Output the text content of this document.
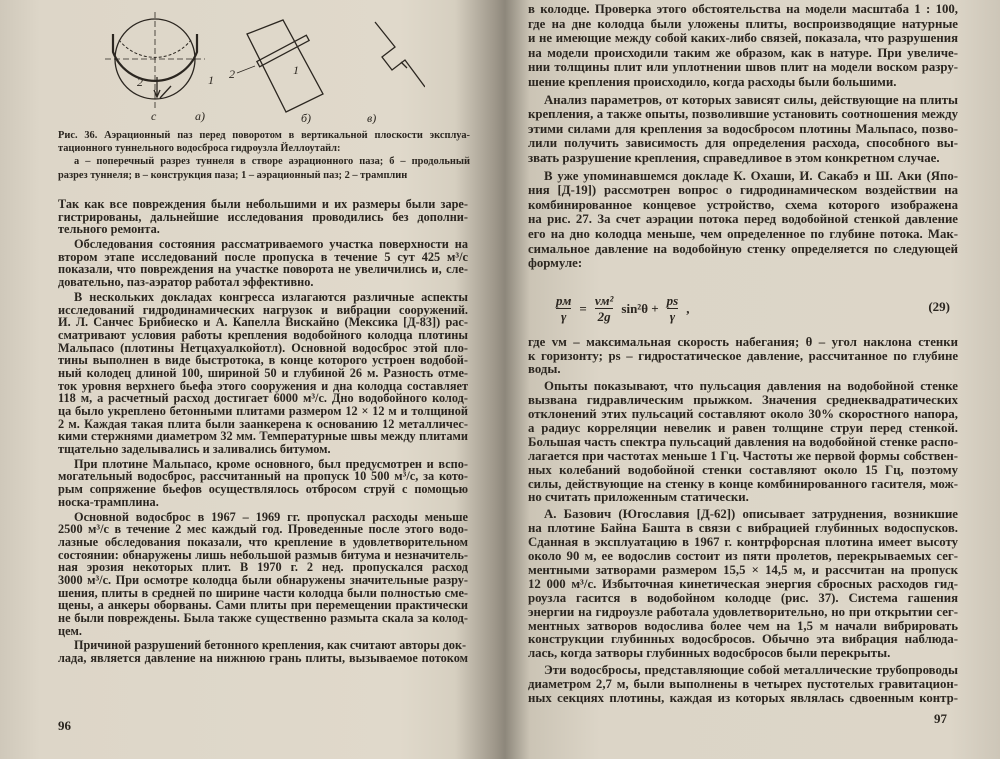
с	а)	б)	в)
2	1 2	1
Рис. 36. Аэрационный паз перед поворотом в вертикальной плоскости эксплуа-
тационного туннельного водосброса гидроузла Йеллоутайл:
а – поперечный разрез туннеля в створе аэрационного паза; б – продольный
разрез туннеля; в – конструкция паза; 1 – аэрационный паз; 2 – трамплин
Так как все повреждения были небольшими и их размеры были заре-
гистрированы, дальнейшие исследования проводились без дополни-
тельного ремонта.
Обследования состояния рассматриваемого участка поверхности на
втором этапе исследований после пропуска в течение 5 сут 425 м³/с
показали, что повреждения на участке поворота не увеличились и, сле-
довательно, паз-аэратор работал эффективно.
В нескольких докладах конгресса излагаются различные аспекты
исследований гидродинамических нагрузок и вибрации сооружений.
И. Л. Санчес Брибиеско и А. Капелла Вискайно (Мексика [Д-83]) рас-
сматривают условия работы крепления водобойного колодца плотины
Мальпасо (плотины Нетцахуалкойотл). Основной водосброс этой пло-
тины выполнен в виде быстротока, в конце которого устроен водобой-
ный колодец длиной 100, шириной 50 и глубиной 26 м. Разность отме-
ток уровня верхнего бьефа этого сооружения и дна колодца составляет
118 м, а расчетный расход достигает 6000 м³/с. Дно водобойного колод-
ца было укреплено бетонными плитами размером 12 × 12 м и толщиной
2 м. Каждая такая плита были заанкерена к основанию 12 металличес-
кими стержнями диаметром 32 мм. Температурные швы между плитами
тщательно заделывались и заливались битумом.
При плотине Мальпасо, кроме основного, был предусмотрен и вспо-
могательный водосброс, рассчитанный на пропуск 10 500 м³/с, за кото-
рым сопряжение бьефов осуществлялось отбросом струй с помощью
носка-трамплина.
Основной водосброс в 1967 – 1969 гг. пропускал расходы меньше
2500 м³/с в течение 2 мес каждый год. Проведенные после этого водо-
лазные обследования показали, что крепление в удовлетворительном
состоянии: обнаружены лишь небольшой размыв битума и незначитель-
ная эрозия некоторых плит. В 1970 г. 2 нед. пропускался расход
3000 м³/с. При осмотре колодца были обнаружены значительные разру-
шения, плиты в средней по ширине части колодца были полностью сме-
щены, а анкеры оборваны. Сами плиты при перемещении практически
не были повреждены. Была также существенно размыта скала за колод-
цем.
Причиной разрушений бетонного крепления, как считают авторы док-
лада, является давление на нижнюю грань плиты, вызываемое потоком
96
в колодце. Проверка этого обстоятельства на модели масштаба 1 : 100,
где на дне колодца были уложены плиты, воспроизводящие натурные
и не имеющие между собой каких-либо связей, показала, что разрушения
на модели происходили таким же образом, как в натуре. При увеличе-
нии толщины плит или уплотнении швов плит на модели воском разру-
шение крепления происходило, когда расходы были большими.
Анализ параметров, от которых зависят силы, действующие на плиты
крепления, а также опыты, позволившие установить соотношения между
этими силами для крепления за водосбросом плотины Мальпасо, позво-
лили получить зависимость для определения расхода, способного вы-
звать разрушение крепления, справедливое в этом конкретном случае.
В уже упоминавшемся докладе К. Охаши, И. Сакабэ и Ш. Аки (Япо-
ния [Д-19]) рассмотрен вопрос о гидродинамическом воздействии на
комбинированное концевое устройство, схема которого изображена
на рис. 27. За счет аэрации потока перед водобойной стенкой давление
его на дно колодца меньше, чем определенное по глубине потока. Мак-
симальное давление на водобойную стенку определяется по следующей
формуле:
pм
γ
= vм²
2g
sin²θ + ps
γ
,	(29)
где vм – максимальная скорость набегания; θ – угол наклона стенки
к горизонту; ps – гидростатическое давление, рассчитанное по глубине
воды.
Опыты показывают, что пульсация давления на водобойной стенке
вызвана гидравлическим прыжком. Значения среднеквадратических
отклонений этих пульсаций составляют около 30% скоростного напора,
а радиус корреляции невелик и равен толщине струи перед стенкой.
Большая часть спектра пульсаций давления на водобойной стенке распо-
лагается при частотах меньше 1 Гц. Частоты же первой формы собствен-
ных колебаний водобойной стенки составляют около 15 Гц, поэтому
силы, действующие на стенку в конце комбинированного гасителя, мож-
но считать приложенным статически.
А. Базович (Югославия [Д-62]) описывает затруднения, возникшие
на плотине Байна Башта в связи с вибрацией глубинных водоспусков.
Сданная в эксплуатацию в 1967 г. контрфорсная плотина имеет высоту
около 90 м, ее водослив состоит из пяти пролетов, перекрываемых сег-
ментными затворами размером 15,5 × 14,5 м, и рассчитан на пропуск
12 000 м³/с. Избыточная кинетическая энергия сбросных расходов гид-
роузла гасится в водобойном колодце (рис. 37). Система гашения
энергии на гидроузле работала удовлетворительно, но при открытии сег-
ментных затворов водослива более чем на 1,5 м начали вибрировать
конструкции глубинных водосбросов. Обычно эта вибрация наблюда-
лась, когда затворы глубинных водосбросов были перекрыты.
Эти водосбросы, представляющие собой металлические трубопроводы
диаметром 2,7 м, были выполнены в четырех пустотелых гравитацион-
ных секциях плотины, каждая из которых являлась сдвоенным контр-
97
